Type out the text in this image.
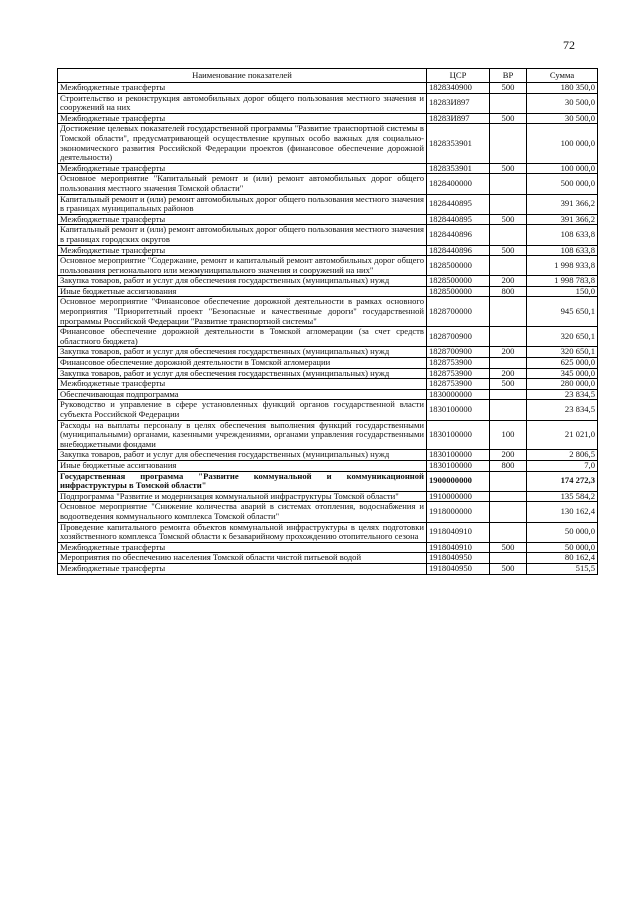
72
Наименование показателей	ЦСР	ВР	Сумма
Межбюджетные трансферты	1828340900	500	180 350,0
Строительство и реконструкция автомобильных дорог общего пользования местного значения и сооружений на них	18283И897		30 500,0
Межбюджетные трансферты	18283И897	500	30 500,0
Достижение целевых показателей государственной программы "Развитие транспортной системы в Томской области", предусматривающей осуществление крупных особо важных для социально-экономического развития Российской Федерации проектов (финансовое обеспечение дорожной деятельности)	1828353901		100 000,0
Межбюджетные трансферты	1828353901	500	100 000,0
Основное мероприятие "Капитальный ремонт и (или) ремонт автомобильных дорог общего пользования местного значения Томской области"	1828400000		500 000,0
Капитальный ремонт и (или) ремонт автомобильных дорог общего пользования местного значения в границах муниципальных районов	1828440895		391 366,2
Межбюджетные трансферты	1828440895	500	391 366,2
Капитальный ремонт и (или) ремонт автомобильных дорог общего пользования местного значения в границах городских округов	1828440896		108 633,8
Межбюджетные трансферты	1828440896	500	108 633,8
Основное мероприятие "Содержание, ремонт и капитальный ремонт автомобильных дорог общего пользования регионального или межмуниципального значения и сооружений на них"	1828500000		1 998 933,8
Закупка товаров, работ и услуг для обеспечения государственных (муниципальных) нужд	1828500000	200	1 998 783,8
Иные бюджетные ассигнования	1828500000	800	150,0
Основное мероприятие "Финансовое обеспечение дорожной деятельности в рамках основного мероприятия "Приоритетный проект "Безопасные и качественные дороги" государственной программы Российской Федерации "Развитие транспортной системы"	1828700000		945 650,1
Финансовое обеспечение дорожной деятельности в Томской агломерации (за счет средств областного бюджета)	1828700900		320 650,1
Закупка товаров, работ и услуг для обеспечения государственных (муниципальных) нужд	1828700900	200	320 650,1
Финансовое обеспечение дорожной деятельности в Томской агломерации	1828753900		625 000,0
Закупка товаров, работ и услуг для обеспечения государственных (муниципальных) нужд	1828753900	200	345 000,0
Межбюджетные трансферты	1828753900	500	280 000,0
Обеспечивающая подпрограмма	1830000000		23 834,5
Руководство и управление в сфере установленных функций органов государственной власти субъекта Российской Федерации	1830100000		23 834,5
Расходы на выплаты персоналу в целях обеспечения выполнения функций государственными (муниципальными) органами, казенными учреждениями, органами управления государственными внебюджетными фондами	1830100000	100	21 021,0
Закупка товаров, работ и услуг для обеспечения государственных (муниципальных) нужд	1830100000	200	2 806,5
Иные бюджетные ассигнования	1830100000	800	7,0
Государственная программа "Развитие коммунальной и коммуникационной инфраструктуры в Томской области"	1900000000		174 272,3
Подпрограмма "Развитие и модернизация коммунальной инфраструктуры Томской области"	1910000000		135 584,2
Основное мероприятие "Снижение количества аварий в системах отопления, водоснабжения и водоотведения коммунального комплекса Томской области"	1918000000		130 162,4
Проведение капитального ремонта объектов коммунальной инфраструктуры в целях подготовки хозяйственного комплекса Томской области к безаварийному прохождению отопительного сезона	1918040910		50 000,0
Межбюджетные трансферты	1918040910	500	50 000,0
Мероприятия по обеспечению населения Томской области чистой питьевой водой	1918040950		80 162,4
Межбюджетные трансферты	1918040950	500	515,5
